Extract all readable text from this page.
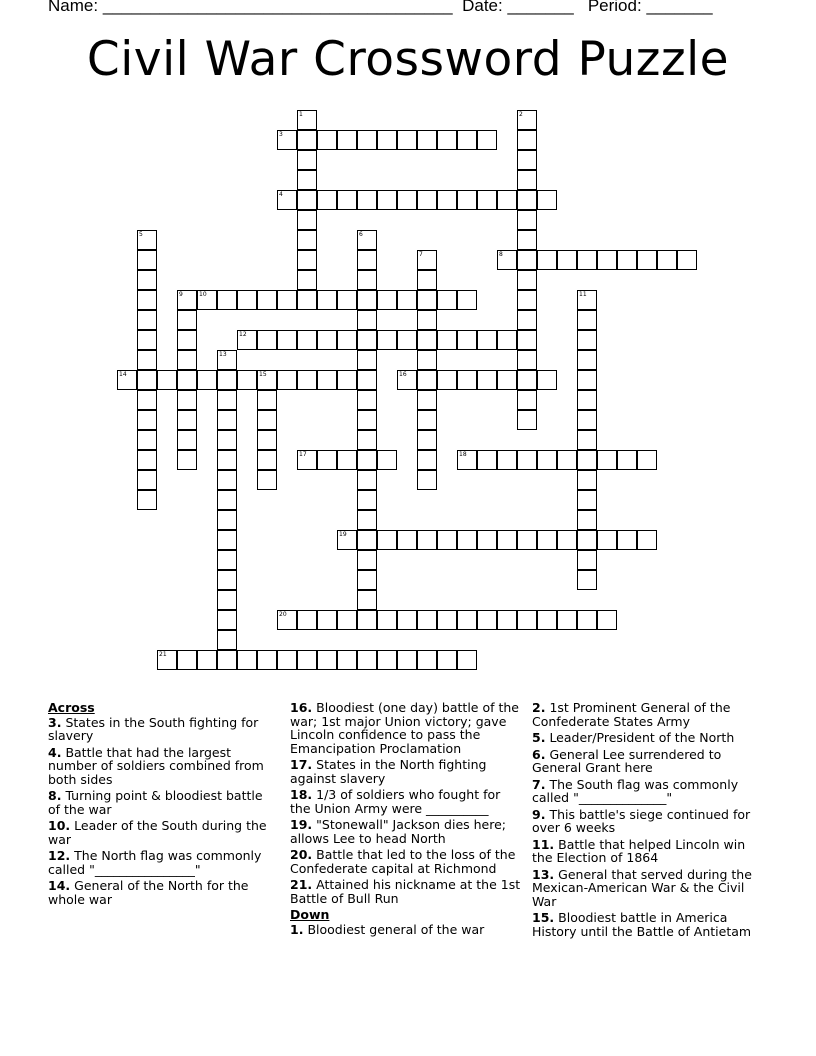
Name: _____________________________________ Date: _______ Period: _______
Civil War Crossword Puzzle
1	2
3
4
5	6
7	8
9	10	11
12
13
14	15	16
17	18
19
20
21
Across
3. States in the South fighting for slavery
4. Battle that had the largest number of soldiers combined from both sides
8. Turning point & bloodiest battle of the war
10. Leader of the South during the war
12. The North flag was commonly called "________________"
14. General of the North for the whole war
16. Bloodiest (one day) battle of the war; 1st major Union victory; gave Lincoln confidence to pass the Emancipation Proclamation
17. States in the North fighting against slavery
18. 1/3 of soldiers who fought for the Union Army were __________
19. "Stonewall" Jackson dies here; allows Lee to head North
20. Battle that led to the loss of the Confederate capital at Richmond
21. Attained his nickname at the 1st Battle of Bull Run
Down
1. Bloodiest general of the war
2. 1st Prominent General of the Confederate States Army
5. Leader/President of the North
6. General Lee surrendered to General Grant here
7. The South flag was commonly called "______________"
9. This battle's siege continued for over 6 weeks
11. Battle that helped Lincoln win the Election of 1864
13. General that served during the Mexican-American War & the Civil War
15. Bloodiest battle in America History until the Battle of Antietam
